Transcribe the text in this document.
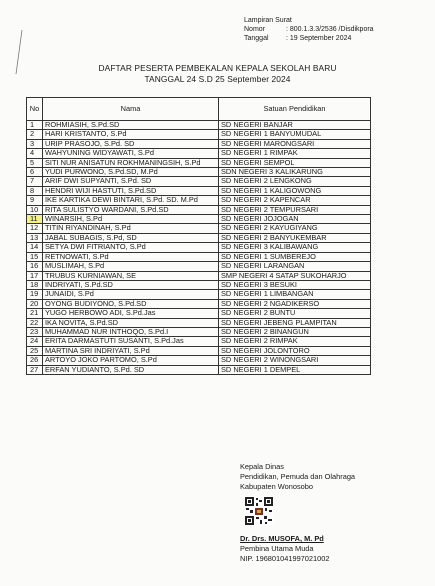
Lampiran Surat
Nomor	: 800.1.3.3/2536 /Disdikpora
Tanggal	: 19 September 2024
DAFTAR PESERTA PEMBEKALAN KEPALA SEKOLAH BARU
TANGGAL 24 S.D 25 September 2024
No	Nama	Satuan Pendidikan
1	ROHMIASIH, S.Pd.SD	SD NEGERI BANJAR
2	HARI KRISTANTO, S.Pd	SD NEGERI 1 BANYUMUDAL
3	URIP PRASOJO, S.Pd. SD	SD NEGERI MARONGSARI
4	WAHYUNING WIDYAWATI, S.Pd	SD NEGERI 1 RIMPAK
5	SITI NUR ANISATUN ROKHMANINGSIH, S.Pd	SD NEGERI SEMPOL
6	YUDI PURWONO, S.Pd.SD, M.Pd	SDN NEGERI 3 KALIKARUNG
7	ARIF DWI SUPYANTI, S.Pd. SD	SD NEGERI 2 LENGKONG
8	HENDRI WIJI HASTUTI, S.Pd.SD	SD NEGERI 1 KALIGOWONG
9	IKE KARTIKA DEWI BINTARI, S.Pd. SD. M.Pd	SD NEGERI 2 KAPENCAR
10	RITA SULISTYO WARDANI, S.Pd.SD	SD NEGERI 2 TEMPURSARI
11	WINARSIH, S.Pd	SD NEGERI JOJOGAN
12	TITIN RIYANDINAH, S.Pd	SD NEGERI 2 KAYUGIYANG
13	JABAL SUBAGIS, S.Pd, SD	SD NEGERI 2 BANYUKEMBAR
14	SETYA DWI FITRIANTO, S.Pd	SD NEGERI 3 KALIBAWANG
15	RETNOWATI, S.Pd	SD NEGERI 1 SUMBEREJO
16	MUSLIMAH, S.Pd	SD NEGERI LARANGAN
17	TRUBUS KURNIAWAN, SE	SMP NEGERI 4 SATAP SUKOHARJO
18	INDRIYATI, S.Pd.SD	SD NEGERI 3 BESUKI
19	JUNAIDI, S.Pd	SD NEGERI 1 LIMBANGAN
20	OYONG BUDIYONO, S.Pd.SD	SD NEGERI 2 NGADIKERSO
21	YUGO HERBOWO ADI, S.Pd.Jas	SD NEGERI 2 BUNTU
22	IKA NOVITA, S.Pd.SD	SD NEGERI JEBENG PLAMPITAN
23	MUHAMMAD NUR INTHOQO, S.Pd.I	SD NEGERI 2 BINANGUN
24	ERITA DARMASTUTI SUSANTI, S.Pd.Jas	SD NEGERI 2 RIMPAK
25	MARTINA SRI INDRIYATI, S.Pd	SD NEGERI JOLONTORO
26	ARTOYO JOKO PARTOMO, S.Pd	SD NEGERI 2 WINONGSARI
27	ERFAN YUDIANTO, S.Pd. SD	SD NEGERI 1 DEMPEL
Kepala Dinas
Pendidikan, Pemuda dan Olahraga
Kabupaten Wonosobo
Dr. Drs. MUSOFA, M. Pd
Pembina Utama Muda
NIP. 196801041997021002
